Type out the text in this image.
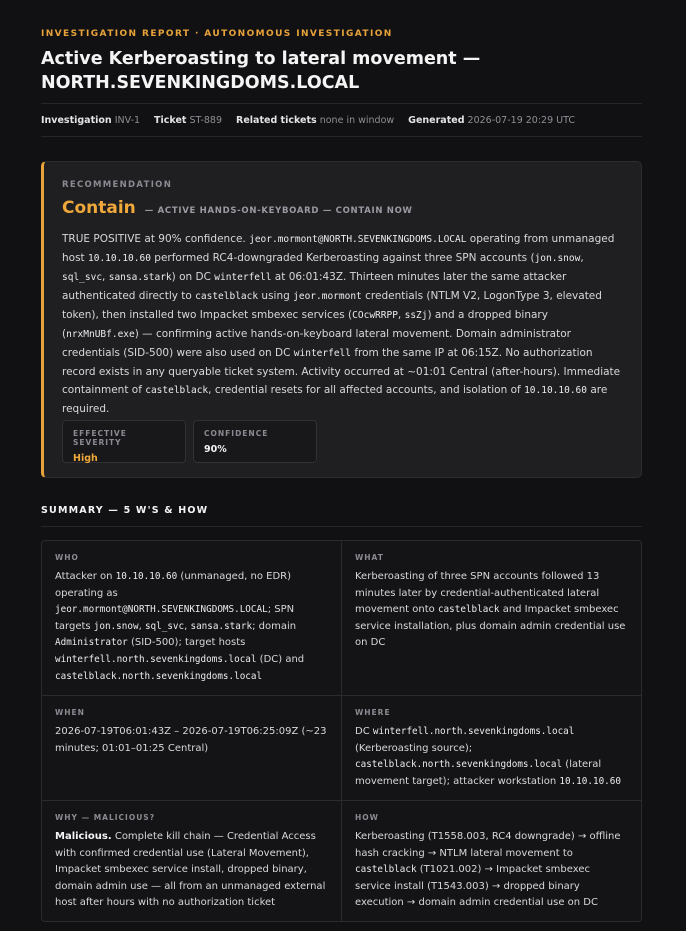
INVESTIGATION REPORT · AUTONOMOUS INVESTIGATION
Active Kerberoasting to lateral movement — NORTH.SEVENKINGDOMS.LOCAL
Investigation INV-1 Ticket ST-889 Related tickets none in window Generated 2026-07-19 20:29 UTC
RECOMMENDATION
Contain — ACTIVE HANDS-ON-KEYBOARD — CONTAIN NOW
TRUE POSITIVE at 90% confidence. jeor.mormont@NORTH.SEVENKINGDOMS.LOCAL operating from unmanaged host 10.10.10.60 performed RC4-downgraded Kerberoasting against three SPN accounts (jon.snow, sql_svc, sansa.stark) on DC winterfell at 06:01:43Z. Thirteen minutes later the same attacker authenticated directly to castelblack using jeor.mormont credentials (NTLM V2, LogonType 3, elevated token), then installed two Impacket smbexec services (COcwRRPP, ssZj) and a dropped binary (nrxMnUBf.exe) — confirming active hands-on-keyboard lateral movement. Domain administrator credentials (SID-500) were also used on DC winterfell from the same IP at 06:15Z. No authorization record exists in any queryable ticket system. Activity occurred at ~01:01 Central (after-hours). Immediate containment of castelblack, credential resets for all affected accounts, and isolation of 10.10.10.60 are required.
EFFECTIVE SEVERITY
High
CONFIDENCE
90%
SUMMARY — 5 W'S & HOW
WHO
Attacker on 10.10.10.60 (unmanaged, no EDR) operating as jeor.mormont@NORTH.SEVENKINGDOMS.LOCAL; SPN targets jon.snow, sql_svc, sansa.stark; domain Administrator (SID-500); target hosts winterfell.north.sevenkingdoms.local (DC) and castelblack.north.sevenkingdoms.local
WHAT
Kerberoasting of three SPN accounts followed 13 minutes later by credential-authenticated lateral movement onto castelblack and Impacket smbexec service installation, plus domain admin credential use on DC
WHEN
2026-07-19T06:01:43Z – 2026-07-19T06:25:09Z (~23 minutes; 01:01–01:25 Central)
WHERE
DC winterfell.north.sevenkingdoms.local (Kerberoasting source); castelblack.north.sevenkingdoms.local (lateral movement target); attacker workstation 10.10.10.60
WHY — MALICIOUS?
Malicious. Complete kill chain — Credential Access with confirmed credential use (Lateral Movement), Impacket smbexec service install, dropped binary, domain admin use — all from an unmanaged external host after hours with no authorization ticket
HOW
Kerberoasting (T1558.003, RC4 downgrade) → offline hash cracking → NTLM lateral movement to castelblack (T1021.002) → Impacket smbexec service install (T1543.003) → dropped binary execution → domain admin credential use on DC
